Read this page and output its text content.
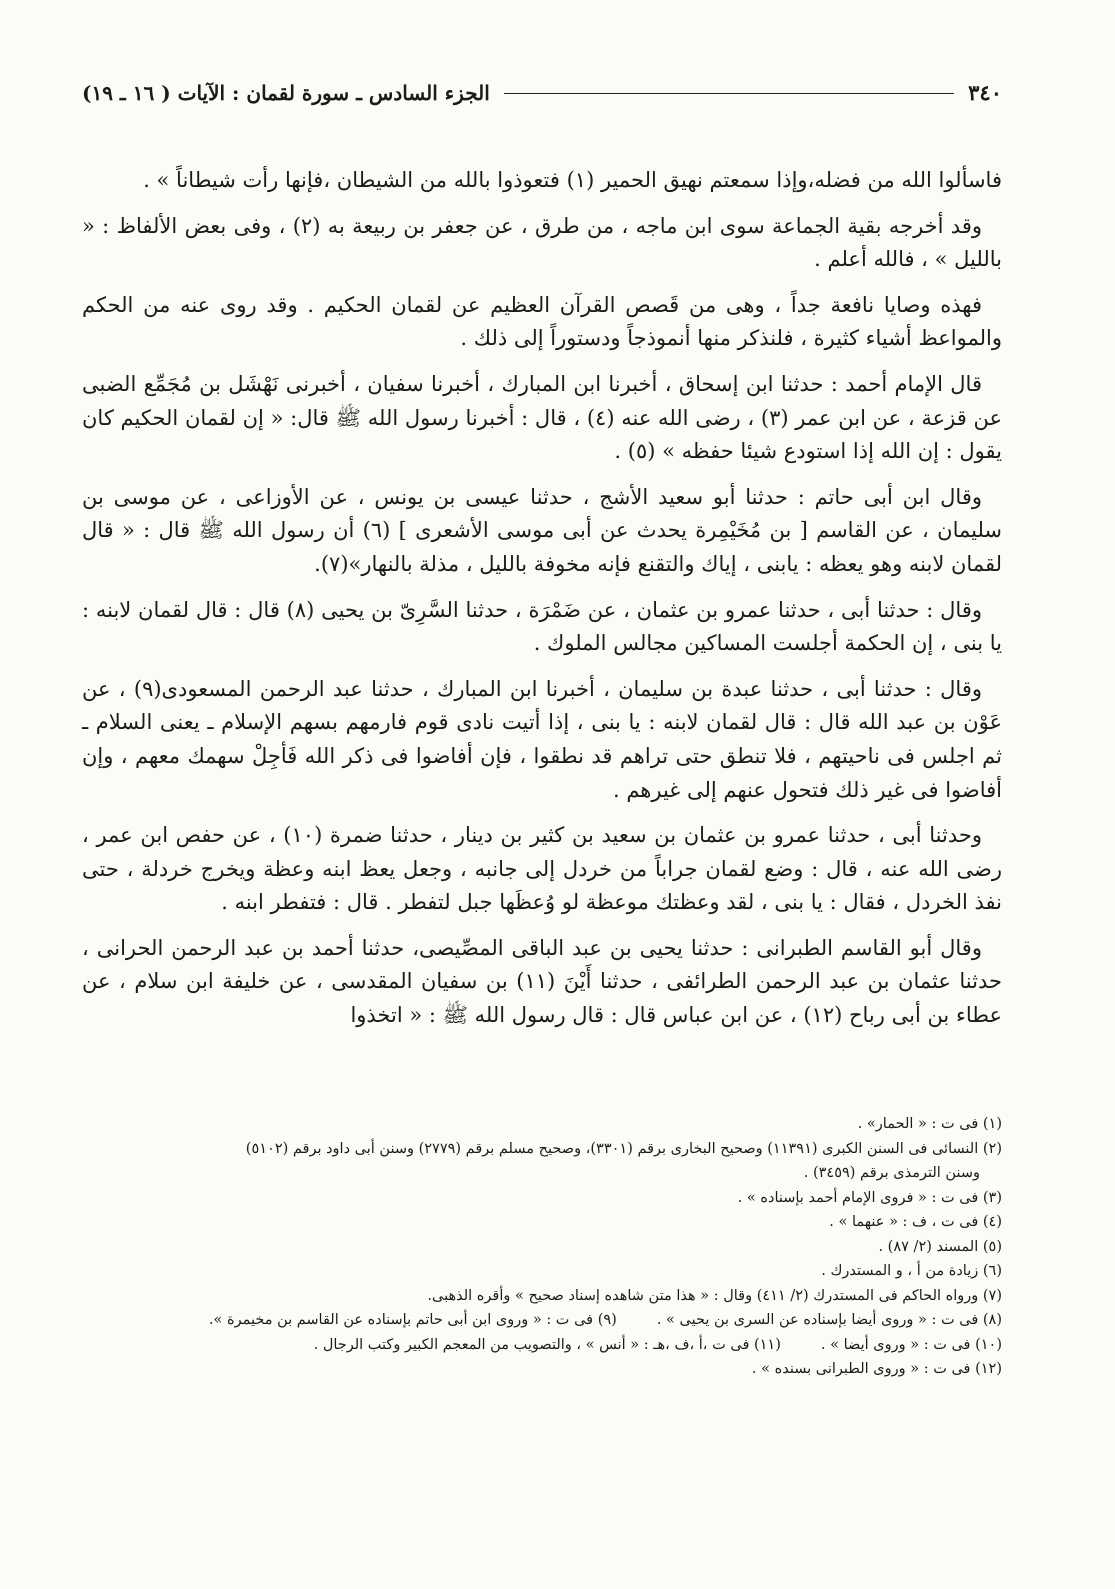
٣٤٠
الجزء السادس ـ سورة لقمان : الآيات ( ١٦ ـ ١٩)

فاسألوا الله من فضله،وإذا سمعتم نهيق الحمير (١) فتعوذوا بالله من الشيطان ،فإنها رأت شيطاناً » .

وقد أخرجه بقية الجماعة سوى ابن ماجه ، من طرق ، عن جعفر بن ربيعة به (٢) ، وفى بعض الألفاظ : « بالليل » ، فالله أعلم .

فهذه وصايا نافعة جداً ، وهى من قَصص القرآن العظيم عن لقمان الحكيم . وقد روى عنه من الحكم والمواعظ أشياء كثيرة ، فلنذكر منها أنموذجاً ودستوراً إلى ذلك .

قال الإمام أحمد : حدثنا ابن إسحاق ، أخبرنا ابن المبارك ، أخبرنا سفيان ، أخبرنى نَهْشَل بن مُجَمِّع الضبى عن قزعة ، عن ابن عمر (٣) ، رضى الله عنه (٤) ، قال : أخبرنا رسول الله ﷺ قال: « إن لقمان الحكيم كان يقول : إن الله إذا استودع شيئا حفظه » (٥) .

وقال ابن أبى حاتم : حدثنا أبو سعيد الأشج ، حدثنا عيسى بن يونس ، عن الأوزاعى ، عن موسى بن سليمان ، عن القاسم [ بن مُخَيْمِرة يحدث عن أبى موسى الأشعرى ] (٦) أن رسول الله ﷺ قال : « قال لقمان لابنه وهو يعظه : يابنى ، إياك والتقنع فإنه مخوفة بالليل ، مذلة بالنهار»(٧).

وقال : حدثنا أبى ، حدثنا عمرو بن عثمان ، عن ضَمْرَة ، حدثنا السَّرِىّ بن يحيى (٨) قال : قال لقمان لابنه : يا بنى ، إن الحكمة أجلست المساكين مجالس الملوك .

وقال : حدثنا أبى ، حدثنا عبدة بن سليمان ، أخبرنا ابن المبارك ، حدثنا عبد الرحمن المسعودى(٩) ، عن عَوْن بن عبد الله قال : قال لقمان لابنه : يا بنى ، إذا أتيت نادى قوم فارمهم بسهم الإسلام ـ يعنى السلام ـ ثم اجلس فى ناحيتهم ، فلا تنطق حتى تراهم قد نطقوا ، فإن أفاضوا فى ذكر الله فَأجِلْ سهمك معهم ، وإن أفاضوا فى غير ذلك فتحول عنهم إلى غيرهم .

وحدثنا أبى ، حدثنا عمرو بن عثمان بن سعيد بن كثير بن دينار ، حدثنا ضمرة (١٠) ، عن حفص ابن عمر ، رضى الله عنه ، قال : وضع لقمان جراباً من خردل إلى جانبه ، وجعل يعظ ابنه وعظة ويخرج خردلة ، حتى نفذ الخردل ، فقال : يا بنى ، لقد وعظتك موعظة لو وُعظَها جبل لتفطر . قال : فتفطر ابنه .

وقال أبو القاسم الطبرانى : حدثنا يحيى بن عبد الباقى المصِّيصى، حدثنا أحمد بن عبد الرحمن الحرانى ، حدثنا عثمان بن عبد الرحمن الطرائفى ، حدثنا أَيْنَ (١١) بن سفيان المقدسى ، عن خليفة ابن سلام ، عن عطاء بن أبى رباح (١٢) ، عن ابن عباس قال : قال رسول الله ﷺ : « اتخذوا

(١) فى ت : « الحمار» .

(٢) النسائى فى السنن الكبرى (١١٣٩١) وصحيح البخارى برقم (٣٣٠١)، وصحيح مسلم برقم (٢٧٧٩) وسنن أبى داود برقم (٥١٠٢)

وسنن الترمذى برقم (٣٤٥٩) .

(٣) فى ت : « فروى الإمام أحمد بإسناده » .

(٤) فى ت ، ف : « عنهما » .

(٥) المسند (٢/ ٨٧) .

(٦) زيادة من أ ، و المستدرك .

(٧) ورواه الحاكم فى المستدرك (٢/ ٤١١) وقال : « هذا متن شاهده إسناد صحيح » وأقره الذهبى.

(٨) فى ت : « وروى أيضا بإسناده عن السرى بن يحيى » .
(٩) فى ت : « وروى ابن أبى حاتم بإسناده عن القاسم بن مخيمرة ».
(١٠) فى ت : « وروى أيضا » .
(١١) فى ت ،أ ،ف ،هـ : « أنس » ، والتصويب من المعجم الكبير وكتب الرجال .

(١٢) فى ت : « وروى الطبرانى بسنده » .
